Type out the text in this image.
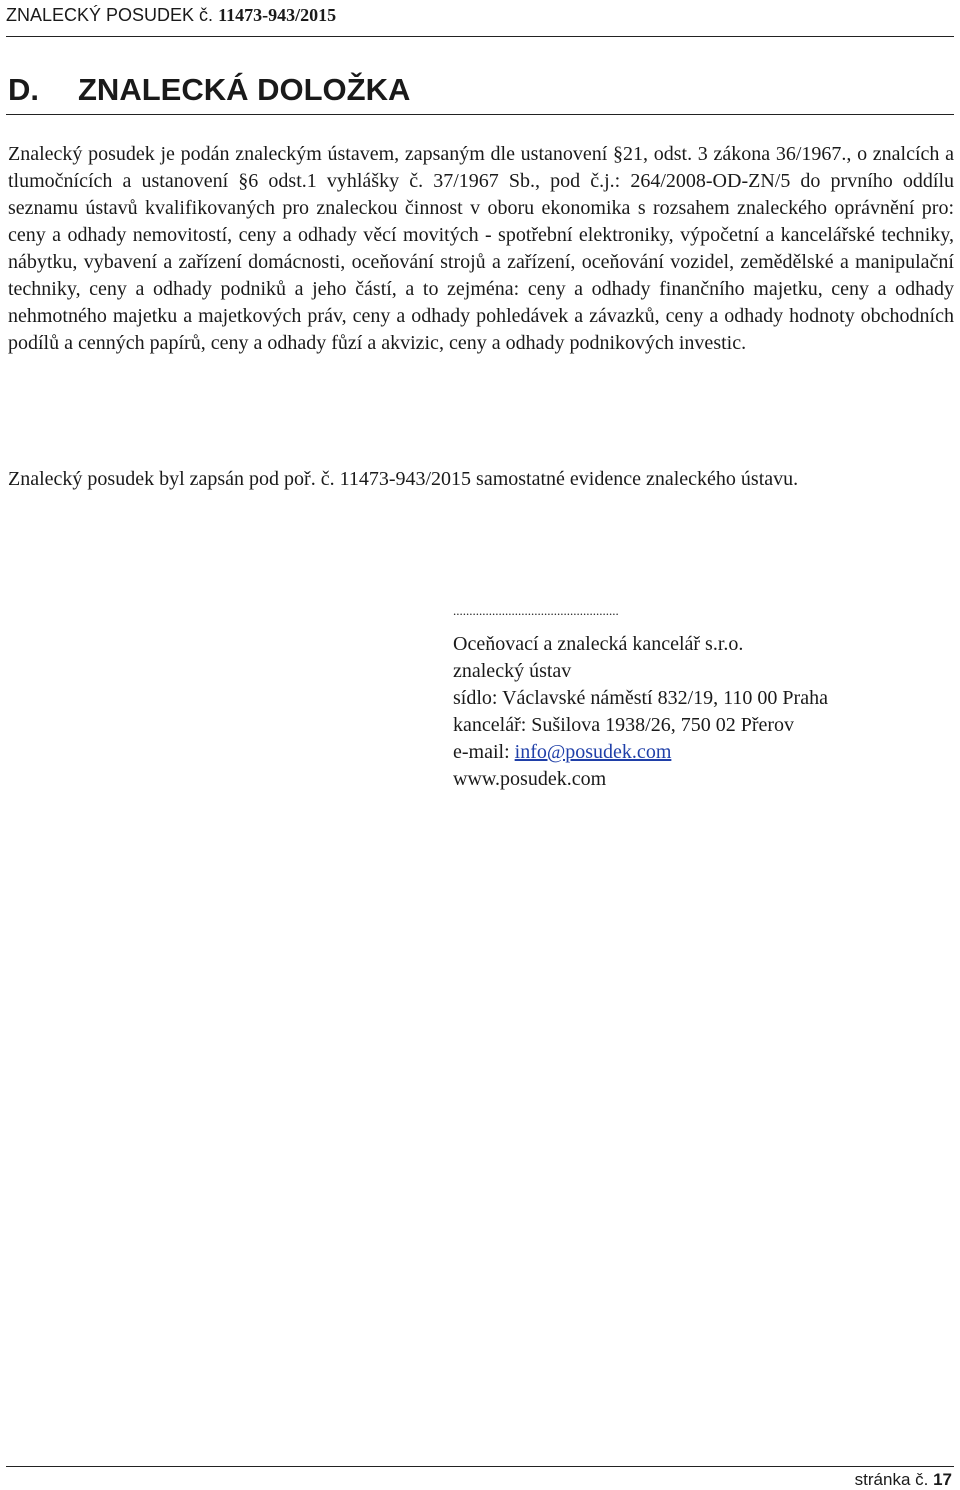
ZNALECKÝ POSUDEK č. 11473-943/2015
D. ZNALECKÁ DOLOŽKA
Znalecký posudek je podán znaleckým ústavem, zapsaným dle ustanovení §21, odst. 3 zákona 36/1967., o znalcích a tlumočnících a ustanovení §6 odst.1 vyhlášky č. 37/1967 Sb., pod č.j.: 264/2008-OD-ZN/5 do prvního oddílu seznamu ústavů kvalifikovaných pro znaleckou činnost v oboru ekonomika s rozsahem znaleckého oprávnění pro: ceny a odhady nemovitostí, ceny a odhady věcí movitých - spotřební elektroniky, výpočetní a kancelářské techniky, nábytku, vybavení a zařízení domácnosti, oceňování strojů a zařízení, oceňování vozidel, zemědělské a manipulační techniky, ceny a odhady podniků a jeho částí, a to zejména: ceny a odhady finančního majetku, ceny a odhady nehmotného majetku a majetkových práv, ceny a odhady pohledávek a závazků, ceny a odhady hodnoty obchodních podílů a cenných papírů, ceny a odhady fůzí a akvizic, ceny a odhady podnikových investic.
Znalecký posudek byl zapsán pod poř. č. 11473-943/2015 samostatné evidence znaleckého ústavu.
...................................................
Oceňovací a znalecká kancelář s.r.o.
znalecký ústav
sídlo: Václavské náměstí 832/19, 110 00 Praha
kancelář: Sušilova 1938/26, 750 02 Přerov
e-mail: info@posudek.com
www.posudek.com
stránka č. 17
